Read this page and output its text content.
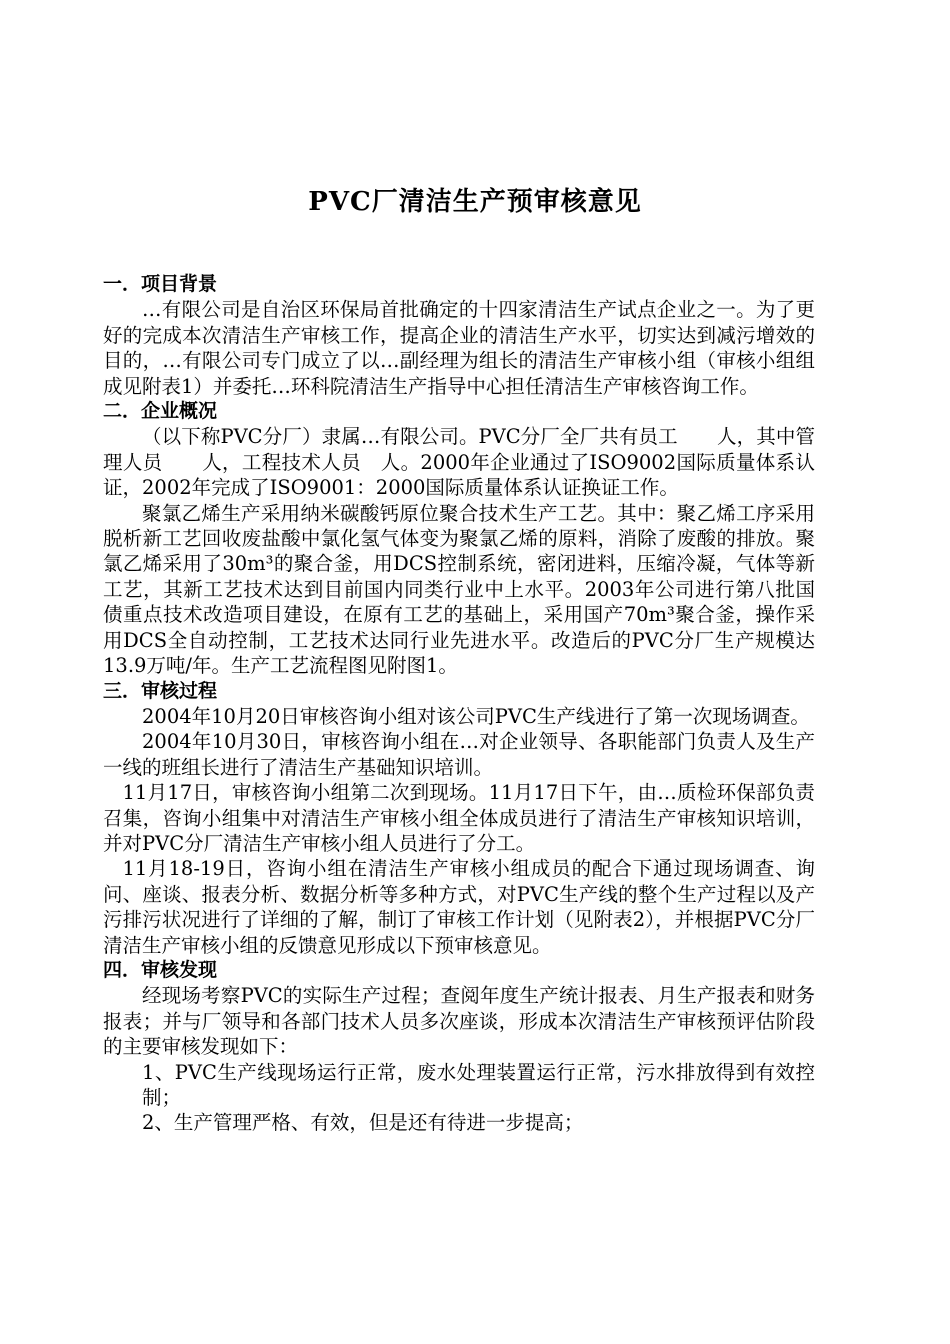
PVC厂清洁生产预审核意见

一．项目背景

…有限公司是自治区环保局首批确定的十四家清洁生产试点企业之一。为了更好的完成本次清洁生产审核工作，提高企业的清洁生产水平，切实达到减污增效的目的，…有限公司专门成立了以…副经理为组长的清洁生产审核小组（审核小组组成见附表1）并委托…环科院清洁生产指导中心担任清洁生产审核咨询工作。

二．企业概况

（以下称PVC分厂）隶属…有限公司。PVC分厂全厂共有员工　　人，其中管理人员　　人，工程技术人员　人。2000年企业通过了ISO9002国际质量体系认证，2002年完成了ISO9001：2000国际质量体系认证换证工作。

聚氯乙烯生产采用纳米碳酸钙原位聚合技术生产工艺。其中：聚乙烯工序采用脱析新工艺回收废盐酸中氯化氢气体变为聚氯乙烯的原料，消除了废酸的排放。聚氯乙烯采用了30m³的聚合釜，用DCS控制系统，密闭进料，压缩冷凝，气体等新工艺，其新工艺技术达到目前国内同类行业中上水平。2003年公司进行第八批国债重点技术改造项目建设，在原有工艺的基础上，采用国产70m³聚合釜，操作采用DCS全自动控制，工艺技术达同行业先进水平。改造后的PVC分厂生产规模达13.9万吨/年。生产工艺流程图见附图1。

三．审核过程

2004年10月20日审核咨询小组对该公司PVC生产线进行了第一次现场调查。

2004年10月30日，审核咨询小组在…对企业领导、各职能部门负责人及生产一线的班组长进行了清洁生产基础知识培训。

11月17日，审核咨询小组第二次到现场。11月17日下午，由…质检环保部负责召集，咨询小组集中对清洁生产审核小组全体成员进行了清洁生产审核知识培训，并对PVC分厂清洁生产审核小组人员进行了分工。

11月18-19日，咨询小组在清洁生产审核小组成员的配合下通过现场调查、询问、座谈、报表分析、数据分析等多种方式，对PVC生产线的整个生产过程以及产污排污状况进行了详细的了解，制订了审核工作计划（见附表2），并根据PVC分厂清洁生产审核小组的反馈意见形成以下预审核意见。

四．审核发现

经现场考察PVC的实际生产过程；查阅年度生产统计报表、月生产报表和财务报表；并与厂领导和各部门技术人员多次座谈，形成本次清洁生产审核预评估阶段的主要审核发现如下：

1、PVC生产线现场运行正常，废水处理装置运行正常，污水排放得到有效控制；

2、生产管理严格、有效，但是还有待进一步提高；
